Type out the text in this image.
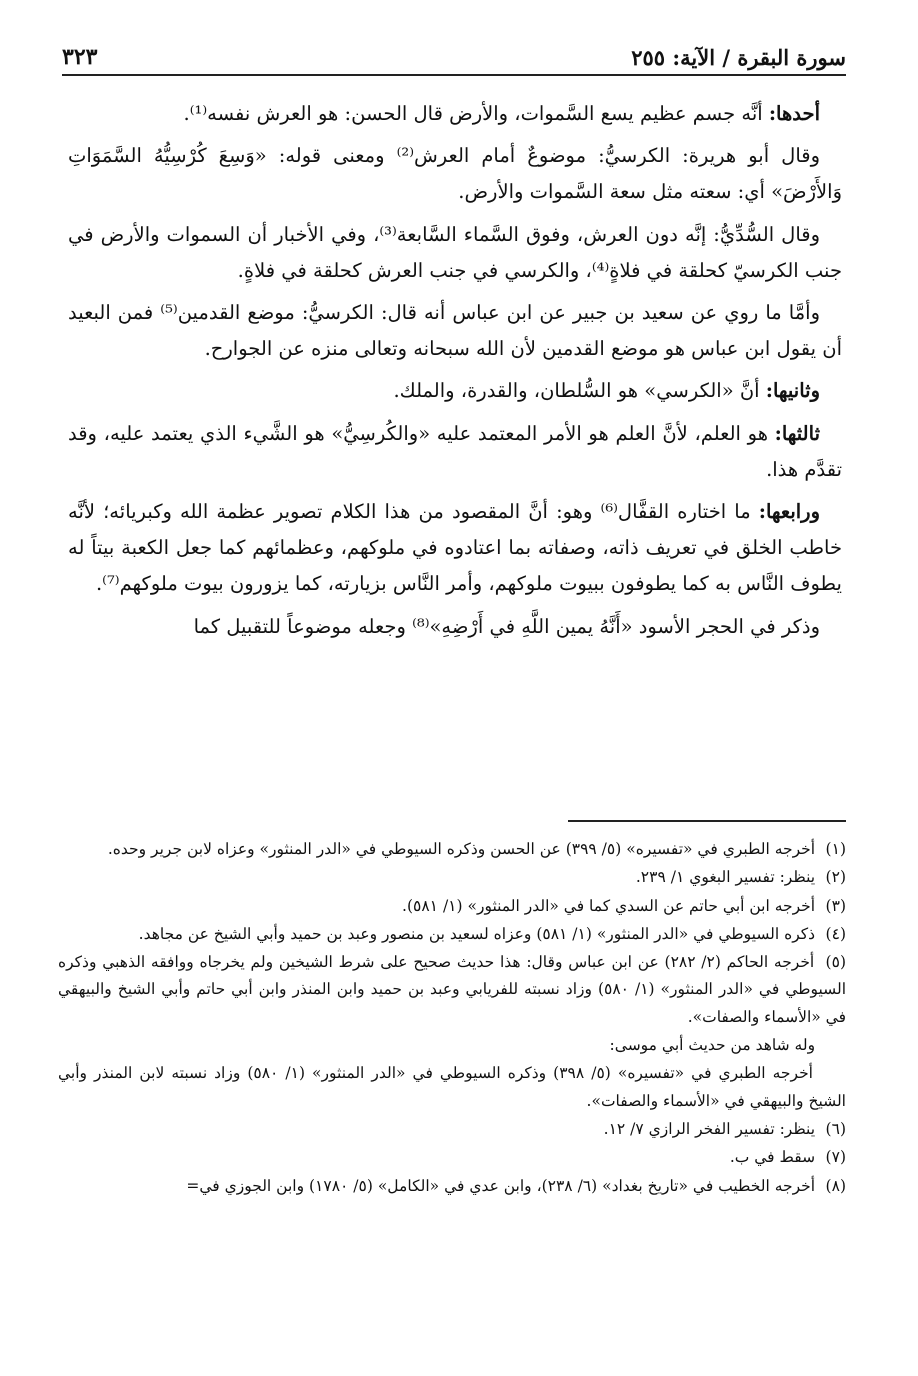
سورة البقرة / الآية: ٢٥٥
٣٢٣

أحدها: أنَّه جسم عظيم يسع السَّموات، والأرض قال الحسن: هو العرش نفسه⁽¹⁾.

وقال أبو هريرة: الكرسيُّ: موضوعٌ أمام العرش⁽²⁾ ومعنى قوله: «وَسِعَ كُرْسِيُّهُ السَّمَوَاتِ وَالأَرْضَ» أي: سعته مثل سعة السَّموات والأرض.

وقال السُّدِّيُّ: إنَّه دون العرش، وفوق السَّماء السَّابعة⁽³⁾، وفي الأخبار أن السموات والأرض في جنب الكرسيّ كحلقة في فلاةٍ⁽⁴⁾، والكرسي في جنب العرش كحلقة في فلاةٍ.

وأمَّا ما روي عن سعيد بن جبير عن ابن عباس أنه قال: الكرسيُّ: موضع القدمين⁽⁵⁾ فمن البعيد أن يقول ابن عباس هو موضع القدمين لأن الله سبحانه وتعالى منزه عن الجوارح.

وثانيها: أنَّ «الكرسي» هو السُّلطان، والقدرة، والملك.

ثالثها: هو العلم، لأنَّ العلم هو الأمر المعتمد عليه «والكُرسِيُّ» هو الشَّيء الذي يعتمد عليه، وقد تقدَّم هذا.

ورابعها: ما اختاره القفَّال⁽⁶⁾ وهو: أنَّ المقصود من هذا الكلام تصوير عظمة الله وكبريائه؛ لأنَّه خاطب الخلق في تعريف ذاته، وصفاته بما اعتادوه في ملوكهم، وعظمائهم كما جعل الكعبة بيتاً له يطوف النَّاس به كما يطوفون ببيوت ملوكهم، وأمر النَّاس بزيارته، كما يزورون بيوت ملوكهم⁽⁷⁾.

وذكر في الحجر الأسود «أَنَّهُ يمين اللَّهِ في أَرْضِهِ»⁽⁸⁾ وجعله موضوعاً للتقبيل كما

(١) أخرجه الطبري في «تفسيره» (٥/ ٣٩٩) عن الحسن وذكره السيوطي في «الدر المنثور» وعزاه لابن جرير وحده.
(٢) ينظر: تفسير البغوي ١/ ٢٣٩.
(٣) أخرجه ابن أبي حاتم عن السدي كما في «الدر المنثور» (١/ ٥٨١).
(٤) ذكره السيوطي في «الدر المنثور» (١/ ٥٨١) وعزاه لسعيد بن منصور وعبد بن حميد وأبي الشيخ عن مجاهد.
(٥) أخرجه الحاكم (٢/ ٢٨٢) عن ابن عباس وقال: هذا حديث صحيح على شرط الشيخين ولم يخرجاه ووافقه الذهبي وذكره السيوطي في «الدر المنثور» (١/ ٥٨٠) وزاد نسبته للفريابي وعبد بن حميد وابن المنذر وابن أبي حاتم وأبي الشيخ والبيهقي في «الأسماء والصفات».
وله شاهد من حديث أبي موسى:
أخرجه الطبري في «تفسيره» (٥/ ٣٩٨) وذكره السيوطي في «الدر المنثور» (١/ ٥٨٠) وزاد نسبته لابن المنذر وأبي الشيخ والبيهقي في «الأسماء والصفات».
(٦) ينظر: تفسير الفخر الرازي ٧/ ١٢.
(٧) سقط في ب.
(٨) أخرجه الخطيب في «تاريخ بغداد» (٦/ ٢٣٨)، وابن عدي في «الكامل» (٥/ ١٧٨٠) وابن الجوزي في=
